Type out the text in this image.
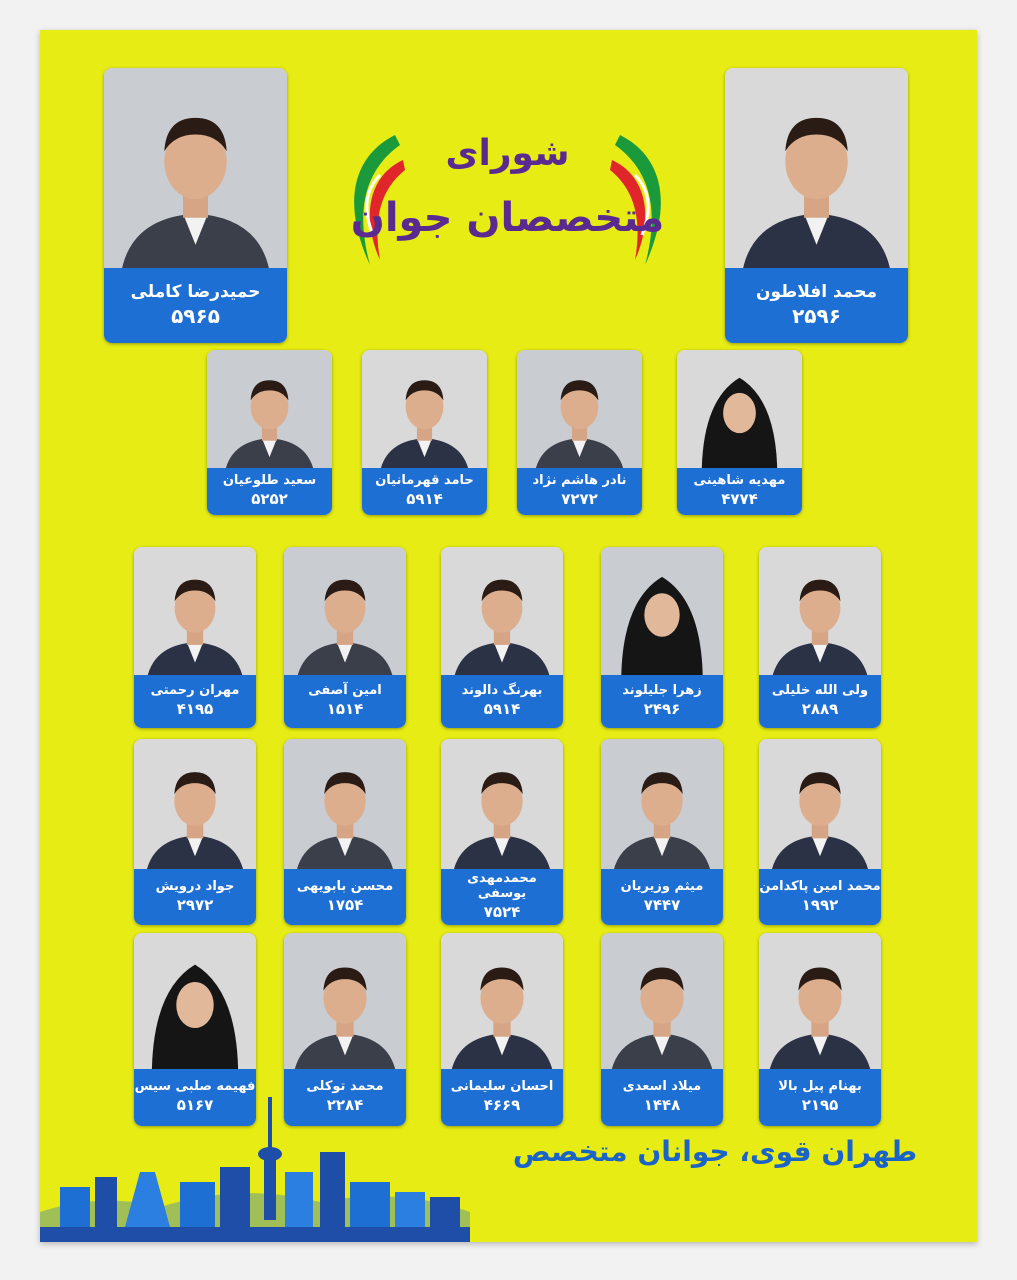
شورای
متخصصان جوان
محمد افلاطون
۲۵۹۶
حمیدرضا کاملی
۵۹۶۵
مهدیه شاهینی
۴۷۷۴
نادر هاشم نژاد
۷۲۷۲
حامد قهرمانیان
۵۹۱۴
سعید طلوعیان
۵۲۵۲
ولی الله خلیلی
۲۸۸۹
زهرا جلیلوند
۲۴۹۶
بهرنگ دالوند
۵۹۱۴
امین آصفی
۱۵۱۴
مهران رحمتی
۴۱۹۵
محمد امین پاکدامن
۱۹۹۲
میثم وزیریان
۷۴۴۷
محمدمهدی یوسفی
۷۵۲۴
محسن بابویهی
۱۷۵۴
جواد درویش
۲۹۷۲
بهنام پیل بالا
۲۱۹۵
میلاد اسعدی
۱۴۴۸
احسان سلیمانی
۴۶۶۹
محمد توکلی
۲۲۸۴
فهیمه صلبی سیس
۵۱۶۷
طهران قوی، جوانان متخصص
